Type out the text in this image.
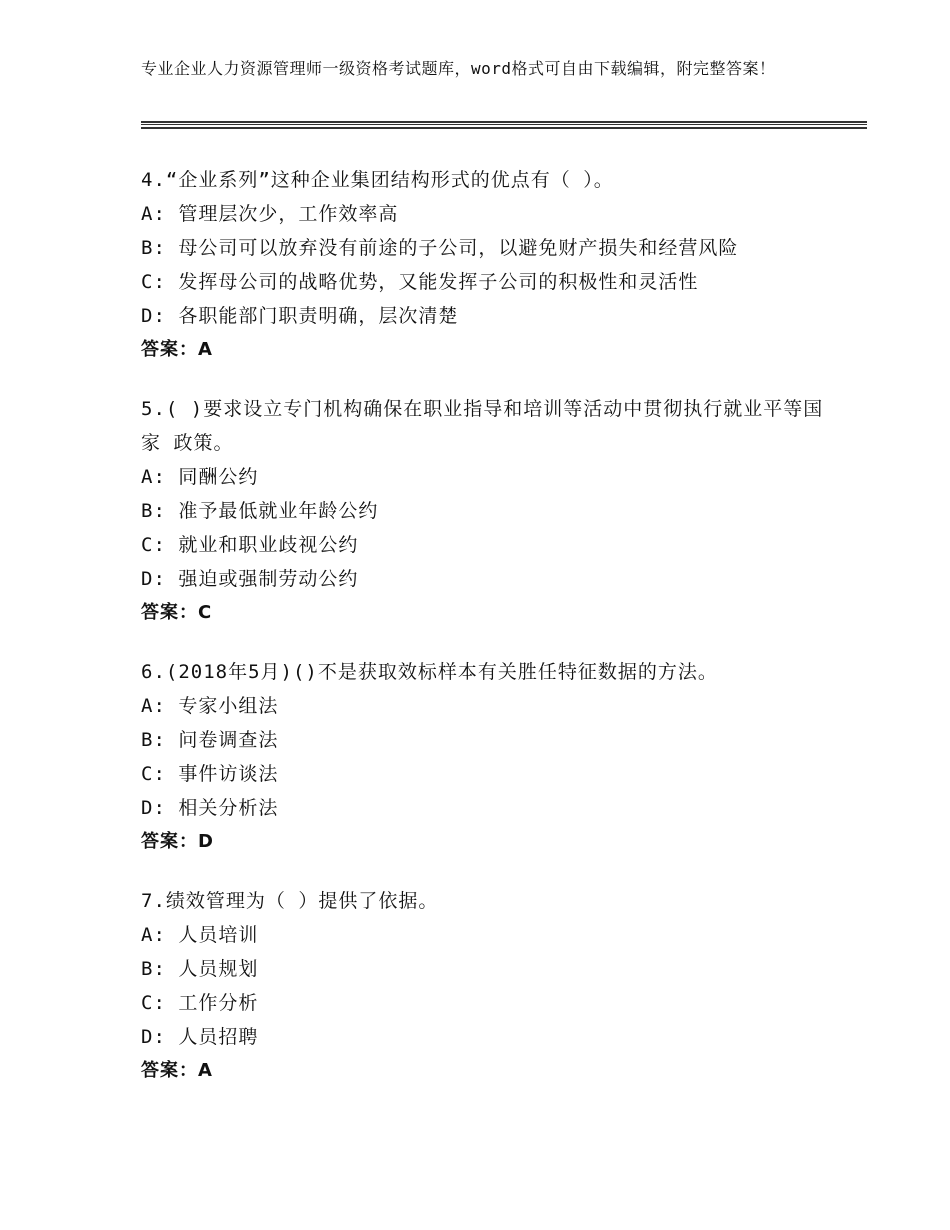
专业企业人力资源管理师一级资格考试题库，word格式可自由下载编辑，附完整答案！
4.“企业系列”这种企业集团结构形式的优点有（ ）。
A: 管理层次少，工作效率高
B: 母公司可以放弃没有前途的子公司，以避免财产损失和经营风险
C: 发挥母公司的战略优势，又能发挥子公司的积极性和灵活性
D: 各职能部门职责明确，层次清楚
答案：A
5.( )要求设立专门机构确保在职业指导和培训等活动中贯彻执行就业平等国家 政策。
A: 同酬公约
B: 准予最低就业年龄公约
C: 就业和职业歧视公约
D: 强迫或强制劳动公约
答案：C
6.(2018年5月)()不是获取效标样本有关胜任特征数据的方法。
A: 专家小组法
B: 问卷调查法
C: 事件访谈法
D: 相关分析法
答案：D
7.绩效管理为（ ）提供了依据。
A: 人员培训
B: 人员规划
C: 工作分析
D: 人员招聘
答案：A
